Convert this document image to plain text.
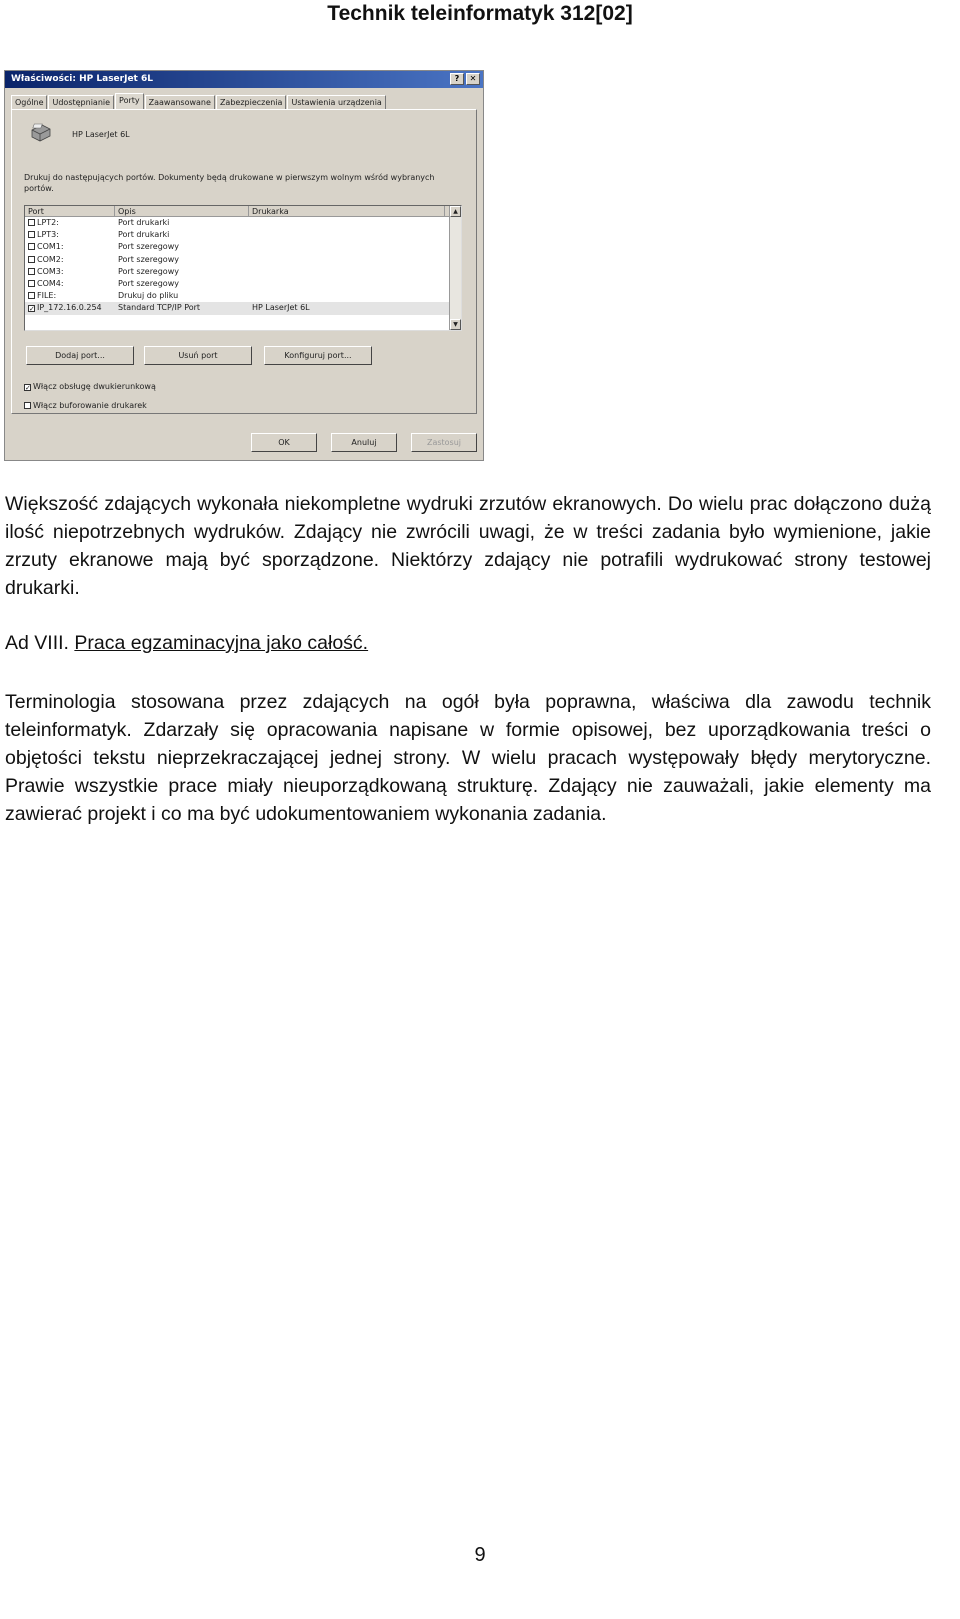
Technik teleinformatyk 312[02]
Właściwości: HP LaserJet 6L	?	✕
Ogólne	Udostępnianie	Porty	Zaawansowane	Zabezpieczenia	Ustawienia urządzenia
HP LaserJet 6L
Drukuj do następujących portów. Dokumenty będą drukowane w pierwszym wolnym wśród wybranych portów.
Port	Opis	Drukarka
LPT2:	Port drukarki
LPT3:	Port drukarki
COM1:	Port szeregowy
COM2:	Port szeregowy
COM3:	Port szeregowy
COM4:	Port szeregowy
FILE:	Drukuj do pliku
✓ IP_172.16.0.254	Standard TCP/IP Port	HP LaserJet 6L
▲
▼
Dodaj port...	Usuń port	Konfiguruj port...
✓ Włącz obsługę dwukierunkową
Włącz buforowanie drukarek
OK	Anuluj	Zastosuj
Większość zdających wykonała niekompletne wydruki zrzutów ekranowych. Do wielu prac dołączono dużą ilość niepotrzebnych wydruków. Zdający nie zwrócili uwagi, że w treści zadania było wymienione, jakie zrzuty ekranowe mają być sporządzone. Niektórzy zdający nie potrafili wydrukować strony testowej drukarki.
Ad VIII. Praca egzaminacyjna jako całość.
Terminologia stosowana przez zdających na ogół była poprawna, właściwa dla zawodu technik teleinformatyk. Zdarzały się opracowania napisane w formie opisowej, bez uporządkowania treści o objętości tekstu nieprzekraczającej jednej strony. W wielu pracach występowały błędy merytoryczne. Prawie wszystkie prace miały nieuporządkowaną strukturę. Zdający nie zauważali, jakie elementy ma zawierać projekt i co ma być udokumentowaniem wykonania zadania.
9
